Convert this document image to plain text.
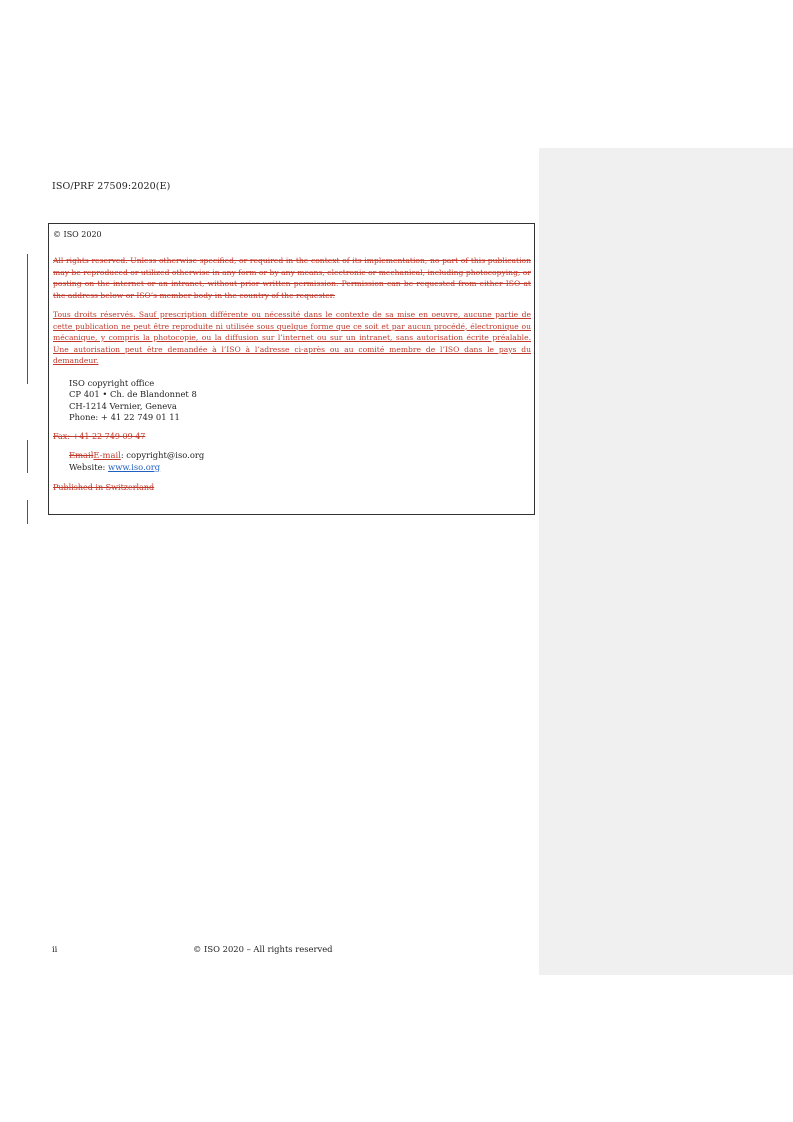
ISO/PRF 27509:2020(E)
© ISO 2020

All rights reserved. Unless otherwise specified, or required in the context of its implementation, no part of this publication may be reproduced or utilized otherwise in any form or by any means, electronic or mechanical, including photocopying, or posting on the internet or an intranet, without prior written permission. Permission can be requested from either ISO at the address below or ISO’s member body in the country of the requester.

Tous droits réservés. Sauf prescription différente ou nécessité dans le contexte de sa mise en oeuvre, aucune partie de cette publication ne peut être reproduite ni utilisée sous quelque forme que ce soit et par aucun procédé, électronique ou mécanique, y compris la photocopie, ou la diffusion sur l’internet ou sur un intranet, sans autorisation écrite préalable. Une autorisation peut être demandée à l’ISO à l’adresse ci-après ou au comité membre de l’ISO dans le pays du demandeur.

ISO copyright office
CP 401 • Ch. de Blandonnet 8
CH-1214 Vernier, Geneva
Phone: + 41 22 749 01 11
Fax: +41 22 749 09 47
EmailE-mail: copyright@iso.org
Website: www.iso.org
Published in Switzerland
ii	© ISO 2020 – All rights reserved
